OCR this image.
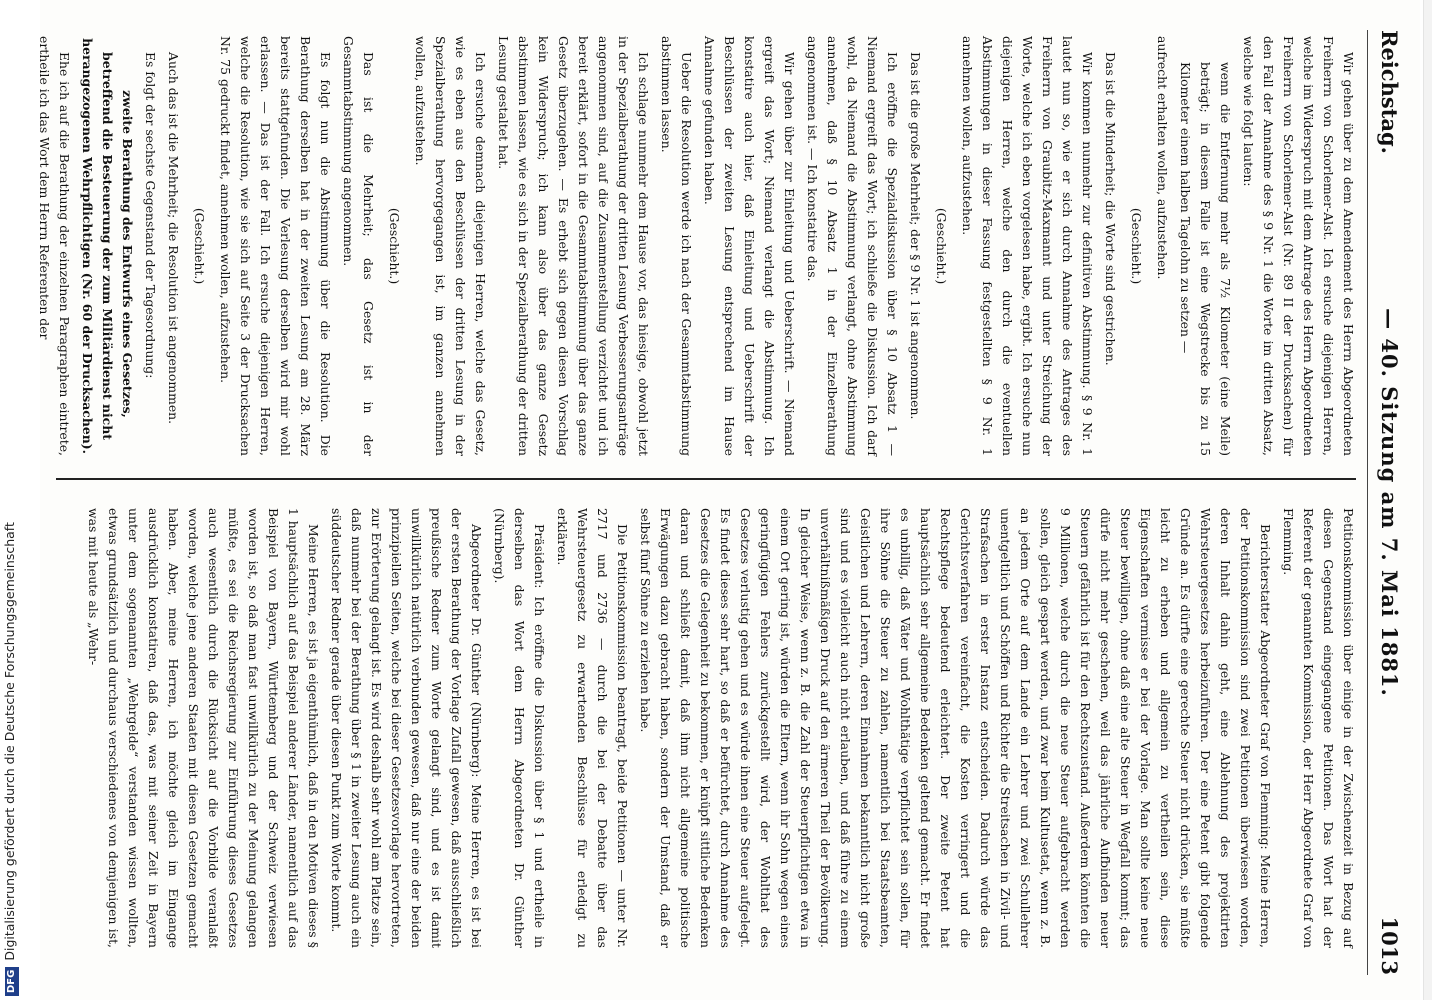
Reichstag.
— 40. Sitzung am 7. Mai 1881.
1013

Wir gehen über zu dem Amendement des Herrn Abgeordneten Freiherrn von Schorlemer-Alst. Ich ersuche diejenigen Herren, welche im Widerspruch mit dem Antrage des Herrn Abgeordneten Freiherrn von Schorlemer-Alst (Nr. 89 II der Drucksachen) für den Fall der Annahme des § 9 Nr. 1 die Worte im dritten Absatz, welche wie folgt lauten:

wenn die Entfernung mehr als 7½ Kilometer (eine Meile) beträgt; in diesem Falle ist eine Wegstrecke bis zu 15 Kilometer einem halben Tagelohn zu setzen —

aufrecht erhalten wollen, aufzustehen.

(Geschieht.)

Das ist die Minderheit; die Worte sind gestrichen.

Wir kommen nunmehr zur definitiven Abstimmung. § 9 Nr. 1 lautet nun so, wie er sich durch Annahme des Antrages des Freiherrn von Graubitz-Maxmannt und unter Streichung der Worte, welche ich eben vorgelesen habe, ergibt. Ich ersuche nun diejenigen Herren, welche den durch die eventuellen Abstimmungen in dieser Fassung festgestellten § 9 Nr. 1 annehmen wollen, aufzustehen.

(Geschieht.)

Das ist die große Mehrheit; der § 9 Nr. 1 ist angenommen.

Ich eröffne die Spezialdiskussion über § 10 Absatz 1 — Niemand ergreift das Wort; ich schließe die Diskussion. Ich darf wohl, da Niemand die Abstimmung verlangt, ohne Abstimmung annehmen, daß § 10 Absatz 1 in der Einzelberathung angenommen ist. — Ich konstatire das.

Wir gehen über zur Einleitung und Ueberschrift. — Niemand ergreift das Wort; Niemand verlangt die Abstimmung. Ich konstatire auch hier, daß Einleitung und Ueberschrift der Beschlüssen der zweiten Lesung entsprechend im Hause Annahme gefunden haben.

Ueber die Resolution werde ich nach der Gesammtabstimmung abstimmen lassen.

Ich schlage nunmehr dem Hause vor, das hiesige, obwohl jetzt in der Spezialberathung der dritten Lesung Verbesserungsanträge angenommen sind, auf die Zusammenstellung verzichtet und ich bereit erklärt, sofort in die Gesammtabstimmung über das ganze Gesetz überzugehen. — Es erhebt sich gegen diesen Vorschlag kein Widerspruch; ich kann also über das ganze Gesetz abstimmen lassen, wie es sich in der Spezialberathung der dritten Lesung gestaltet hat.

Ich ersuche demnach diejenigen Herren, welche das Gesetz, wie es eben aus den Beschlüssen der dritten Lesung in der Spezialberathung hervorgegangen ist, im ganzen annehmen wollen, aufzustehen.

(Geschieht.)

Das ist die Mehrheit; das Gesetz ist in der Gesammtabstimmung angenommen.

Es folgt nun die Abstimmung über die Resolution. Die Berathung derselben hat in der zweiten Lesung am 28. März bereits stattgefunden. Die Verlesung derselben wird mir wohl erlassen. — Das ist der Fall. Ich ersuche diejenigen Herren, welche die Resolution, wie sie sich auf Seite 3 der Drucksachen Nr. 75 gedruckt findet, annehmen wollen, aufzustehen.

(Geschieht.)

Auch das ist die Mehrheit; die Resolution ist angenommen.

Es folgt der sechste Gegenstand der Tagesordnung:

zweite Berathung des Entwurfs eines Gesetzes, betreffend die Besteuerung der zum Militärdienst nicht herangezogenen Wehrpflichtigen (Nr. 60 der Drucksachen).

Ehe ich auf die Berathung der einzelnen Paragraphen eintrete, ertheile ich das Wort dem Herrn Referenten der

Petitionskommission über einige in der Zwischenzeit in Bezug auf diesen Gegenstand eingegangene Petitionen. Das Wort hat der Referent der genannten Kommission, der Herr Abgeordnete Graf von Flemming.

Berichterstatter Abgeordneter Graf von Flemming: Meine Herren, der Petitionskommission sind zwei Petitionen überwiesen worden, deren Inhalt dahin geht, eine Ablehnung des projektirten Wehrsteuergesetzes herbeizuführen. Der eine Petent gibt folgende Gründe an. Es dürfte eine gerechte Steuer nicht drücken, sie müßte leicht zu erheben und allgemein zu vertheilen sein, diese Eigenschaften vermisse er bei der Vorlage. Man sollte keine neue Steuer bewilligen, ohne daß eine alte Steuer in Wegfall kommt; das dürfe nicht mehr geschehen, weil das jährliche Aufbinden neuer Steuern gefährlich ist für den Rechtszustand. Außerdem könnten die 9 Millionen, welche durch die neue Steuer aufgebracht werden sollen, gleich gespart werden, und zwar beim Kultusetat, wenn z. B. an jedem Orte auf dem Lande ein Lehrer und zwei Schullehrer unentgeltlich und Schöffen und Richter die Streitsachen in Zivil- und Strafsachen in erster Instanz entscheiden. Dadurch würde das Gerichtsverfahren vereinfacht, die Kosten verringert und die Rechtspflege bedeutend erleichtert. Der zweite Petent hat hauptsächlich sehr allgemeine Bedenken geltend gemacht. Er findet es unbillig, daß Väter und Wohlthätige verpflichtet sein sollen, für ihre Söhne die Steuer zu zahlen, namentlich bei Staatsbeamten, Geistlichen und Lehrern, deren Einnahmen bekanntlich nicht große sind und es vielleicht auch nicht erlauben, und daß führe zu einem unverhältnißmäßigen Druck auf den ärmeren Theil der Bevölkerung. In gleicher Weise, wenn z. B. die Zahl der Steuerpflichtigen etwa in einem Ort gering ist, würden die Eltern, wenn ihr Sohn wegen eines geringfügigen Fehlers zurückgestellt wird, der Wohlthat des Gesetzes verlustig gehen und es würde ihnen eine Steuer aufgelegt. Es findet dieses sehr hart, so daß er befürchtet, durch Annahme des Gesetzes die Gelegenheit zu bekommen, er knüpft sittliche Bedenken daran und schließt damit, daß ihm nicht allgemeine politische Erwägungen dazu gebracht haben, sondern der Umstand, daß er selbst fünf Söhne zu erziehen habe.

Die Petitionskommission beantragt, beide Petitionen — unter Nr. 2717 und 2736 — durch die bei der Debatte über das Wehrsteuergesetz zu erwartenden Beschlüsse für erledigt zu erklären.

Präsident: Ich eröffne die Diskussion über § 1 und ertheile in derselben das Wort dem Herrn Abgeordneten Dr. Günther (Nürnberg).

Abgeordneter Dr. Günther (Nürnberg): Meine Herren, es ist bei der ersten Berathung der Vorlage Zufall gewesen, daß ausschließlich preußische Redner zum Worte gelangt sind, und es ist damit unwillkürlich natürlich verbunden gewesen, daß nur eine der beiden prinzipiellen Seiten, welche bei dieser Gesetzesvorlage hervortreten, zur Erörterung gelangt ist. Es wird deshalb sehr wohl am Platze sein, daß nunmehr bei der Berathung über § 1 in zweiter Lesung auch ein süddeutscher Redner gerade über diesen Punkt zum Worte kommt.

Meine Herren, es ist ja eigenthümlich, daß in den Motiven dieses § 1 hauptsächlich auf das Beispiel anderer Länder, namentlich auf das Beispiel von Bayern, Württemberg und der Schweiz verwiesen worden ist, so daß man fast unwillkürlich zu der Meinung gelangen müßte, es sei die Reichsregierung zur Einführung dieses Gesetzes auch wesentlich durch die Rücksicht auf die Vorbilde veranlaßt worden, welche jene anderen Staaten mit diesen Gesetzen gemacht haben. Aber, meine Herren, ich möchte gleich im Eingange ausdrücklich konstatiren, daß das, was mit seiner Zeit in Bayern unter dem sogenannten „Wehrgelde“ verstanden wissen wollten, etwas grundsätzlich und durchaus verschiedenes von demjenigen ist, was mit heute als „Wehr-

DFGDigitalisierung gefördert durch die Deutsche Forschungsgemeinschaft
